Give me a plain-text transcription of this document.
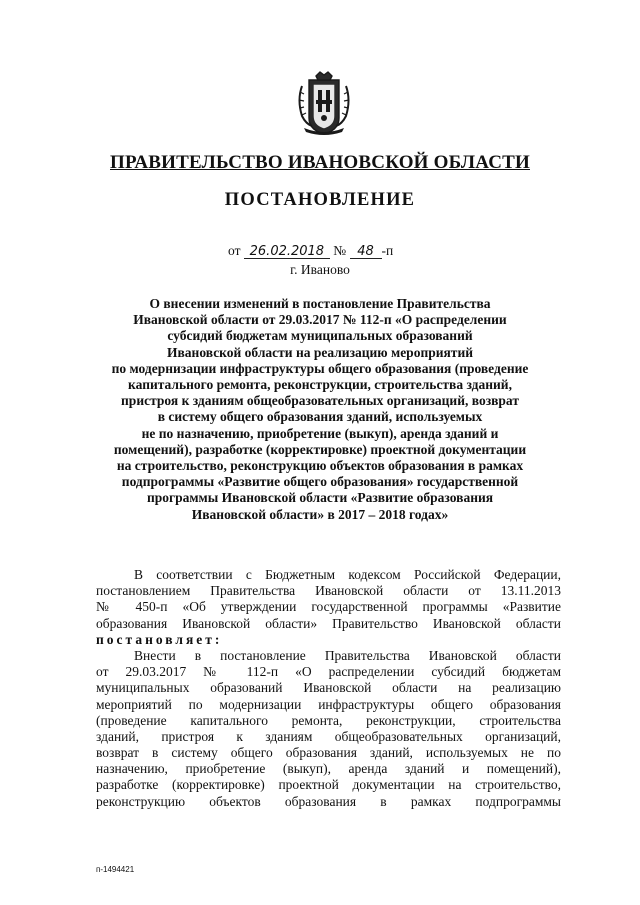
ПРАВИТЕЛЬСТВО ИВАНОВСКОЙ ОБЛАСТИ
ПОСТАНОВЛЕНИЕ
от 26.02.2018 № 48 -п
г. Иваново
О внесении изменений в постановление Правительства
Ивановской области от 29.03.2017 № 112-п «О распределении
субсидий бюджетам муниципальных образований
Ивановской области на реализацию мероприятий
по модернизации инфраструктуры общего образования (проведение
капитального ремонта, реконструкции, строительства зданий,
пристроя к зданиям общеобразовательных организаций, возврат
в систему общего образования зданий, используемых
не по назначению, приобретение (выкуп), аренда зданий и
помещений), разработке (корректировке) проектной документации
на строительство, реконструкцию объектов образования в рамках
подпрограммы «Развитие общего образования» государственной
программы Ивановской области «Развитие образования
Ивановской области» в 2017 – 2018 годах»
В соответствии с Бюджетным кодексом Российской Федерации,
постановлением Правительства Ивановской области от 13.11.2013
№ 450-п «Об утверждении государственной программы «Развитие
образования Ивановской области» Правительство Ивановской области
постановляет:
Внести в постановление Правительства Ивановской области
от 29.03.2017 № 112-п «О распределении субсидий бюджетам
муниципальных образований Ивановской области на реализацию
мероприятий по модернизации инфраструктуры общего образования
(проведение капитального ремонта, реконструкции, строительства
зданий, пристроя к зданиям общеобразовательных организаций,
возврат в систему общего образования зданий, используемых не по
назначению, приобретение (выкуп), аренда зданий и помещений),
разработке (корректировке) проектной документации на строительство,
реконструкцию объектов образования в рамках подпрограммы
п-1494421
